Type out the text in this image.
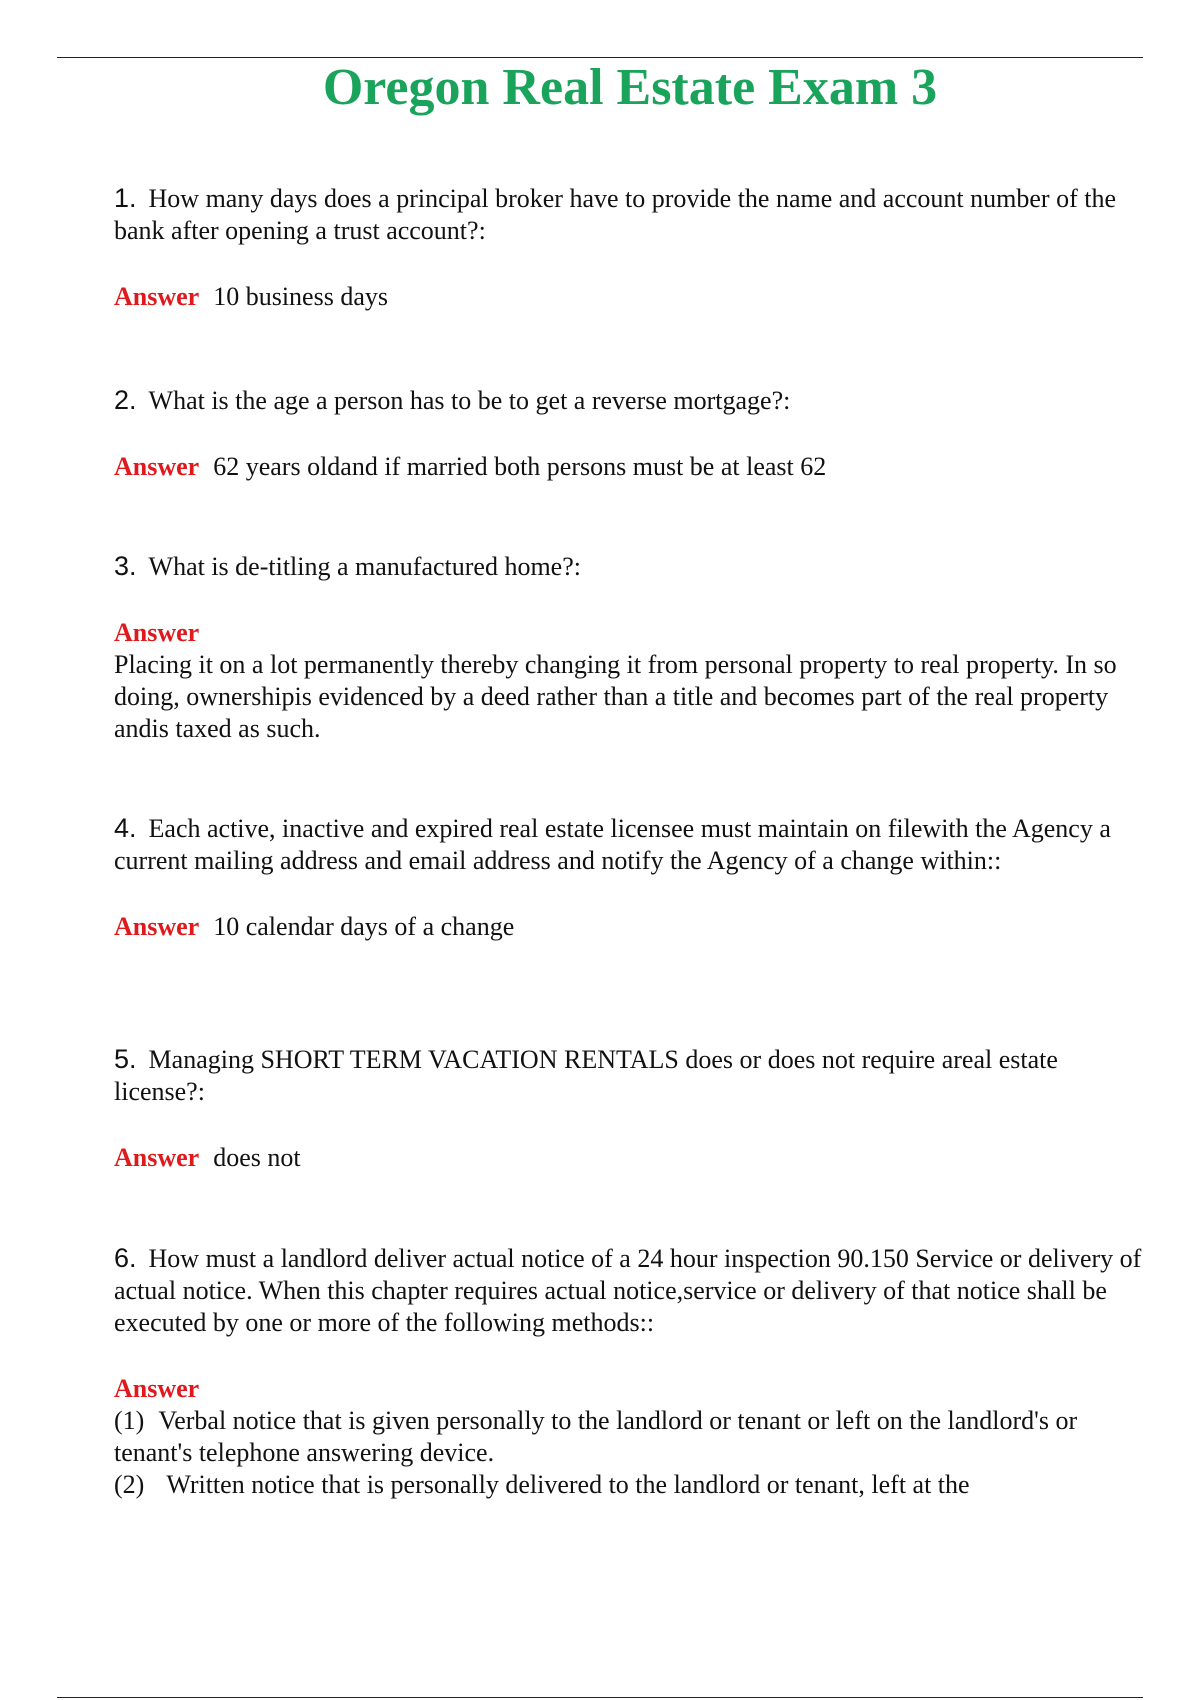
Oregon Real Estate Exam 3

1. How many days does a principal broker have to provide the name and account number of the bank after opening a trust account?:

Answer 10 business days

2. What is the age a person has to be to get a reverse mortgage?:

Answer 62 years oldand if married both persons must be at least 62

3. What is de-titling a manufactured home?:

Answer

Placing it on a lot permanently thereby changing it from personal property to real property. In so doing, ownershipis evidenced by a deed rather than a title and becomes part of the real property andis taxed as such.

4. Each active, inactive and expired real estate licensee must maintain on filewith the Agency a current mailing address and email address and notify the Agency of a change within::

Answer 10 calendar days of a change

5. Managing SHORT TERM VACATION RENTALS does or does not require areal estate license?:

Answer does not

6. How must a landlord deliver actual notice of a 24 hour inspection 90.150 Service or delivery of actual notice. When this chapter requires actual notice,service or delivery of that notice shall be executed by one or more of the following methods::

Answer

(1) Verbal notice that is given personally to the landlord or tenant or left on the landlord's or tenant's telephone answering device.

(2) Written notice that is personally delivered to the landlord or tenant, left at the
